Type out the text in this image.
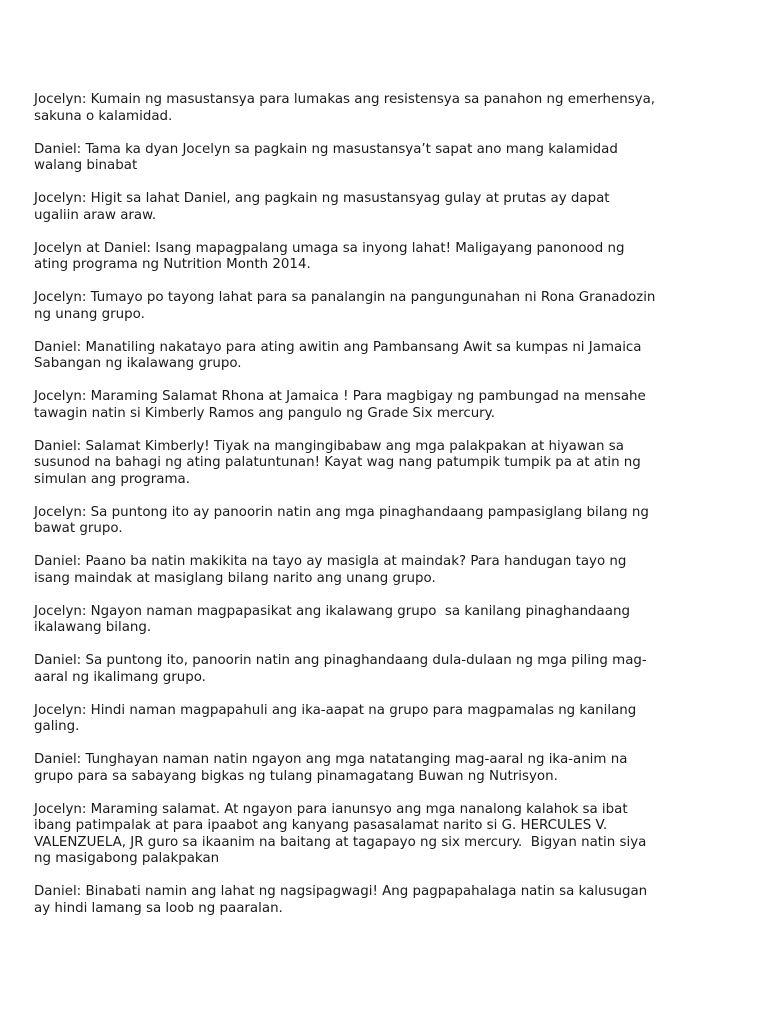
Jocelyn: Kumain ng masustansya para lumakas ang resistensya sa panahon ng emerhensya,
sakuna o kalamidad.

Daniel: Tama ka dyan Jocelyn sa pagkain ng masustansya’t sapat ano mang kalamidad
walang binabat

Jocelyn: Higit sa lahat Daniel, ang pagkain ng masustansyag gulay at prutas ay dapat
ugaliin araw araw.

Jocelyn at Daniel: Isang mapagpalang umaga sa inyong lahat! Maligayang panonood ng
ating programa ng Nutrition Month 2014.

Jocelyn: Tumayo po tayong lahat para sa panalangin na pangungunahan ni Rona Granadozin
ng unang grupo.

Daniel: Manatiling nakatayo para ating awitin ang Pambansang Awit sa kumpas ni Jamaica
Sabangan ng ikalawang grupo.

Jocelyn: Maraming Salamat Rhona at Jamaica ! Para magbigay ng pambungad na mensahe
tawagin natin si Kimberly Ramos ang pangulo ng Grade Six mercury.

Daniel: Salamat Kimberly! Tiyak na mangingibabaw ang mga palakpakan at hiyawan sa
susunod na bahagi ng ating palatuntunan! Kayat wag nang patumpik tumpik pa at atin ng
simulan ang programa.

Jocelyn: Sa puntong ito ay panoorin natin ang mga pinaghandaang pampasiglang bilang ng
bawat grupo.

Daniel: Paano ba natin makikita na tayo ay masigla at maindak? Para handugan tayo ng
isang maindak at masiglang bilang narito ang unang grupo.

Jocelyn: Ngayon naman magpapasikat ang ikalawang grupo  sa kanilang pinaghandaang
ikalawang bilang.

Daniel: Sa puntong ito, panoorin natin ang pinaghandaang dula-dulaan ng mga piling mag-
aaral ng ikalimang grupo.

Jocelyn: Hindi naman magpapahuli ang ika-aapat na grupo para magpamalas ng kanilang
galing.

Daniel: Tunghayan naman natin ngayon ang mga natatanging mag-aaral ng ika-anim na
grupo para sa sabayang bigkas ng tulang pinamagatang Buwan ng Nutrisyon.

Jocelyn: Maraming salamat. At ngayon para ianunsyo ang mga nanalong kalahok sa ibat
ibang patimpalak at para ipaabot ang kanyang pasasalamat narito si G. HERCULES V.
VALENZUELA, JR guro sa ikaanim na baitang at tagapayo ng six mercury.  Bigyan natin siya
ng masigabong palakpakan

Daniel: Binabati namin ang lahat ng nagsipagwagi! Ang pagpapahalaga natin sa kalusugan
ay hindi lamang sa loob ng paaralan.
